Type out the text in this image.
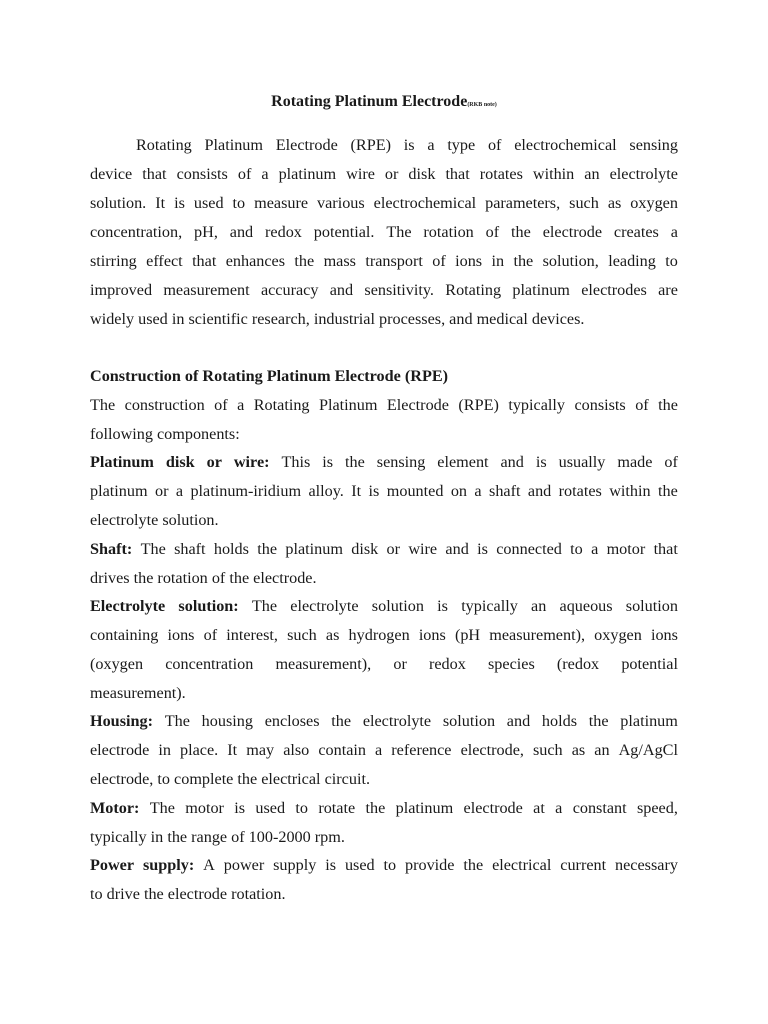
Rotating Platinum Electrode(RKB note)
Rotating Platinum Electrode (RPE) is a type of electrochemical sensing
device that consists of a platinum wire or disk that rotates within an electrolyte
solution. It is used to measure various electrochemical parameters, such as oxygen
concentration, pH, and redox potential. The rotation of the electrode creates a
stirring effect that enhances the mass transport of ions in the solution, leading to
improved measurement accuracy and sensitivity. Rotating platinum electrodes are
widely used in scientific research, industrial processes, and medical devices.
Construction of Rotating Platinum Electrode (RPE)
The construction of a Rotating Platinum Electrode (RPE) typically consists of the
following components:
Platinum disk or wire: This is the sensing element and is usually made of
platinum or a platinum-iridium alloy. It is mounted on a shaft and rotates within the
electrolyte solution.
Shaft: The shaft holds the platinum disk or wire and is connected to a motor that
drives the rotation of the electrode.
Electrolyte solution: The electrolyte solution is typically an aqueous solution
containing ions of interest, such as hydrogen ions (pH measurement), oxygen ions
(oxygen concentration measurement), or redox species (redox potential
measurement).
Housing: The housing encloses the electrolyte solution and holds the platinum
electrode in place. It may also contain a reference electrode, such as an Ag/AgCl
electrode, to complete the electrical circuit.
Motor: The motor is used to rotate the platinum electrode at a constant speed,
typically in the range of 100-2000 rpm.
Power supply: A power supply is used to provide the electrical current necessary
to drive the electrode rotation.
